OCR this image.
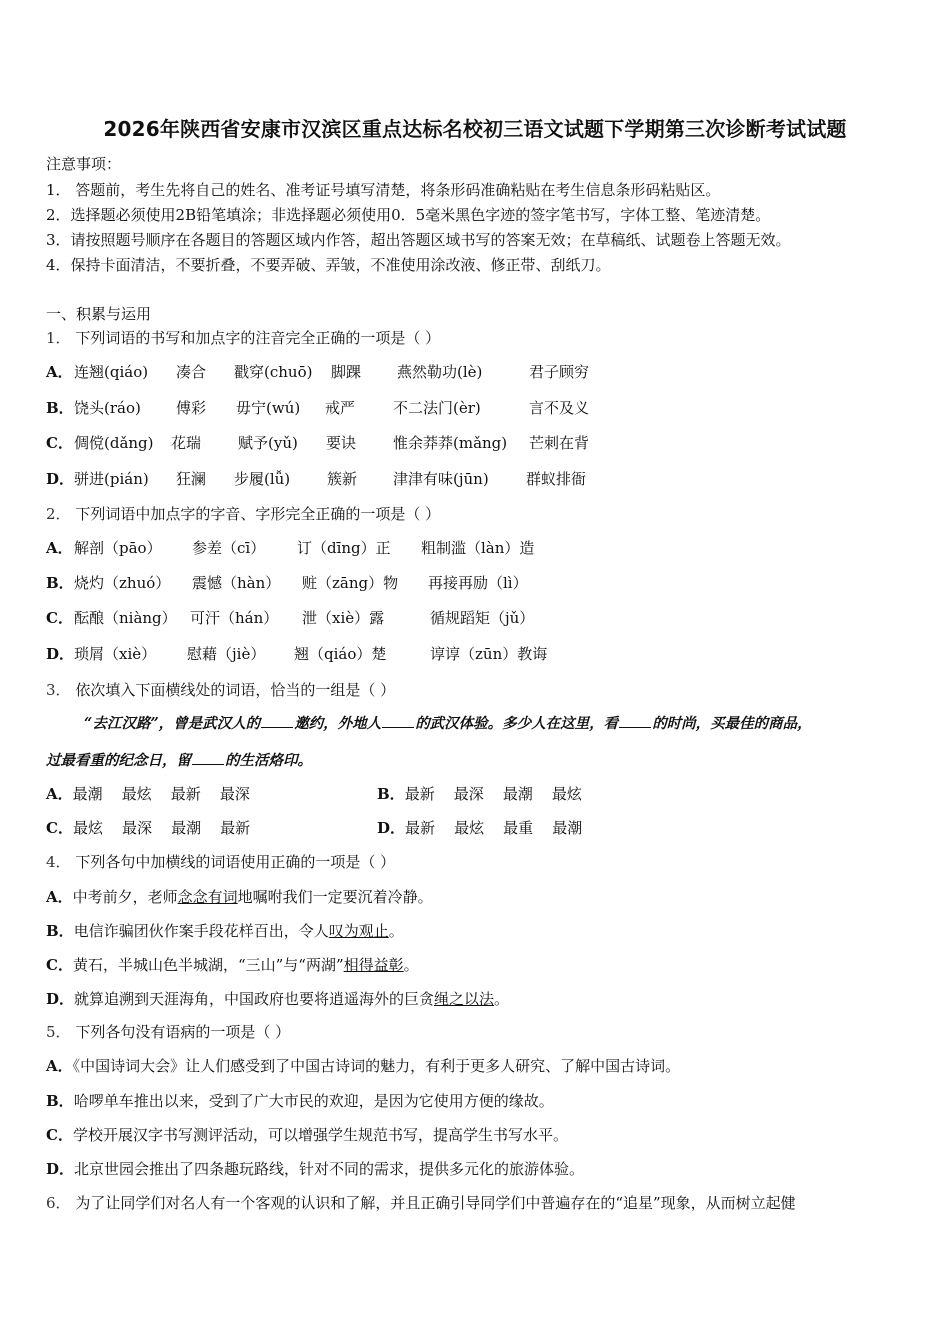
2026年陕西省安康市汉滨区重点达标名校初三语文试题下学期第三次诊断考试试题
注意事项：
1． 答题前，考生先将自己的姓名、准考证号填写清楚，将条形码准确粘贴在考生信息条形码粘贴区。
2．选择题必须使用2B铅笔填涂；非选择题必须使用0．5毫米黑色字迹的签字笔书写，字体工整、笔迹清楚。
3．请按照题号顺序在各题目的答题区域内作答，超出答题区域书写的答案无效；在草稿纸、试题卷上答题无效。
4．保持卡面清洁，不要折叠，不要弄破、弄皱，不准使用涂改液、修正带、刮纸刀。
一、积累与运用
1． 下列词语的书写和加点字的注音完全正确的一项是（ ）
A． 连翘(qiáo) 凑合 戳穿(chuō) 脚踝 燕然勒功(lè)	君子顾穷
B． 饶头(ráo) 傅彩 毋宁(wú) 戒严	不二法门(èr)	言不及义
C． 倜傥(dǎng) 花瑞 赋予(yǔ) 要诀 惟余莽莽(mǎng) 芒刺在背
D． 骈进(pián) 狂澜 步履(lǚ) 簇新 津津有味(jūn) 群蚁排衙
2． 下列词语中加点字的字音、字形完全正确的一项是（ ）
A． 解剖（pāo） 参差（cī） 订（dīng）正 粗制滥（làn）造
B． 烧灼（zhuó） 震憾（hàn） 赃（zāng）物 再接再励（lì）
C． 酝酿（niàng） 可汗（hán） 泄（xiè）露	循规蹈矩（jǔ）
D． 琐屑（xiè） 慰藉（jiè） 翘（qiáo）楚	谆谆（zūn）教诲
3． 依次填入下面横线处的词语，恰当的一组是（ ）
“去江汉路”，曾是武汉人的 邀约，外地人 的武汉体验。多少人在这里，看 的时尚，买最佳的商品，
过最看重的纪念日，留 的生活烙印。
A．最潮    最炫    最新    最深	B．最新    最深    最潮    最炫
C．最炫    最深    最潮    最新	D．最新    最炫    最重    最潮
4． 下列各句中加横线的词语使用正确的一项是（ ）
A．中考前夕，老师念念有词地嘱咐我们一定要沉着冷静。
B．电信诈骗团伙作案手段花样百出，令人叹为观止。
C．黄石，半城山色半城湖，“三山”与“两湖”相得益彰。
D．就算追溯到天涯海角，中国政府也要将逍遥海外的巨贪绳之以法。
5． 下列各句没有语病的一项是（ ）
A．《中国诗词大会》让人们感受到了中国古诗词的魅力，有利于更多人研究、了解中国古诗词。
B．哈啰单车推出以来，受到了广大市民的欢迎，是因为它使用方便的缘故。
C．学校开展汉字书写测评活动，可以增强学生规范书写，提高学生书写水平。
D．北京世园会推出了四条趣玩路线，针对不同的需求，提供多元化的旅游体验。
6． 为了让同学们对名人有一个客观的认识和了解，并且正确引导同学们中普遍存在的“追星”现象，从而树立起健
